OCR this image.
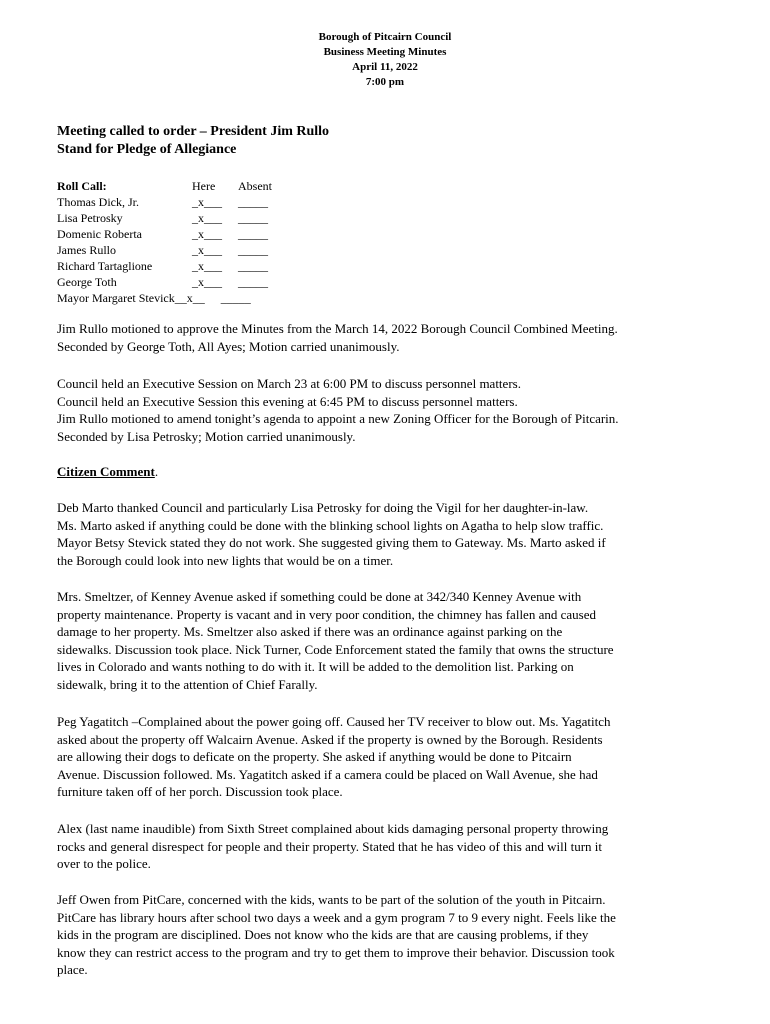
Borough of Pitcairn Council
Business Meeting Minutes
April 11, 2022
7:00 pm
Meeting called to order – President Jim Rullo
Stand for Pledge of Allegiance
Roll Call:	Here	Absent
Thomas Dick, Jr.	_x___	_____
Lisa Petrosky	_x___	_____
Domenic Roberta	_x___	_____
James Rullo	_x___	_____
Richard Tartaglione	_x___	_____
George Toth	_x___	_____
Mayor Margaret Stevick __x__	_____
Jim Rullo motioned to approve the Minutes from the March 14, 2022 Borough Council Combined Meeting.
Seconded by George Toth, All Ayes; Motion carried unanimously.
Council held an Executive Session on March 23 at 6:00 PM to discuss personnel matters.
Council held an Executive Session this evening at 6:45 PM to discuss personnel matters.
Jim Rullo motioned to amend tonight’s agenda to appoint a new Zoning Officer for the Borough of Pitcarin.
Seconded by Lisa Petrosky; Motion carried unanimously.
Citizen Comment.
Deb Marto thanked Council and particularly Lisa Petrosky for doing the Vigil for her daughter-in-law.
Ms. Marto asked if anything could be done with the blinking school lights on Agatha to help slow traffic.
Mayor Betsy Stevick stated they do not work. She suggested giving them to Gateway. Ms. Marto asked if
the Borough could look into new lights that would be on a timer.
Mrs. Smeltzer, of Kenney Avenue asked if something could be done at 342/340 Kenney Avenue with
property maintenance. Property is vacant and in very poor condition, the chimney has fallen and caused
damage to her property. Ms. Smeltzer also asked if there was an ordinance against parking on the
sidewalks. Discussion took place. Nick Turner, Code Enforcement stated the family that owns the structure
lives in Colorado and wants nothing to do with it. It will be added to the demolition list. Parking on
sidewalk, bring it to the attention of Chief Farally.
Peg Yagatitch –Complained about the power going off. Caused her TV receiver to blow out. Ms. Yagatitch
asked about the property off Walcairn Avenue. Asked if the property is owned by the Borough. Residents
are allowing their dogs to deficate on the property. She asked if anything would be done to Pitcairn
Avenue. Discussion followed. Ms. Yagatitch asked if a camera could be placed on Wall Avenue, she had
furniture taken off of her porch. Discussion took place.
Alex (last name inaudible) from Sixth Street complained about kids damaging personal property throwing
rocks and general disrespect for people and their property. Stated that he has video of this and will turn it
over to the police.
Jeff Owen from PitCare, concerned with the kids, wants to be part of the solution of the youth in Pitcairn.
PitCare has library hours after school two days a week and a gym program 7 to 9 every night. Feels like the
kids in the program are disciplined. Does not know who the kids are that are causing problems, if they
know they can restrict access to the program and try to get them to improve their behavior. Discussion took
place.
